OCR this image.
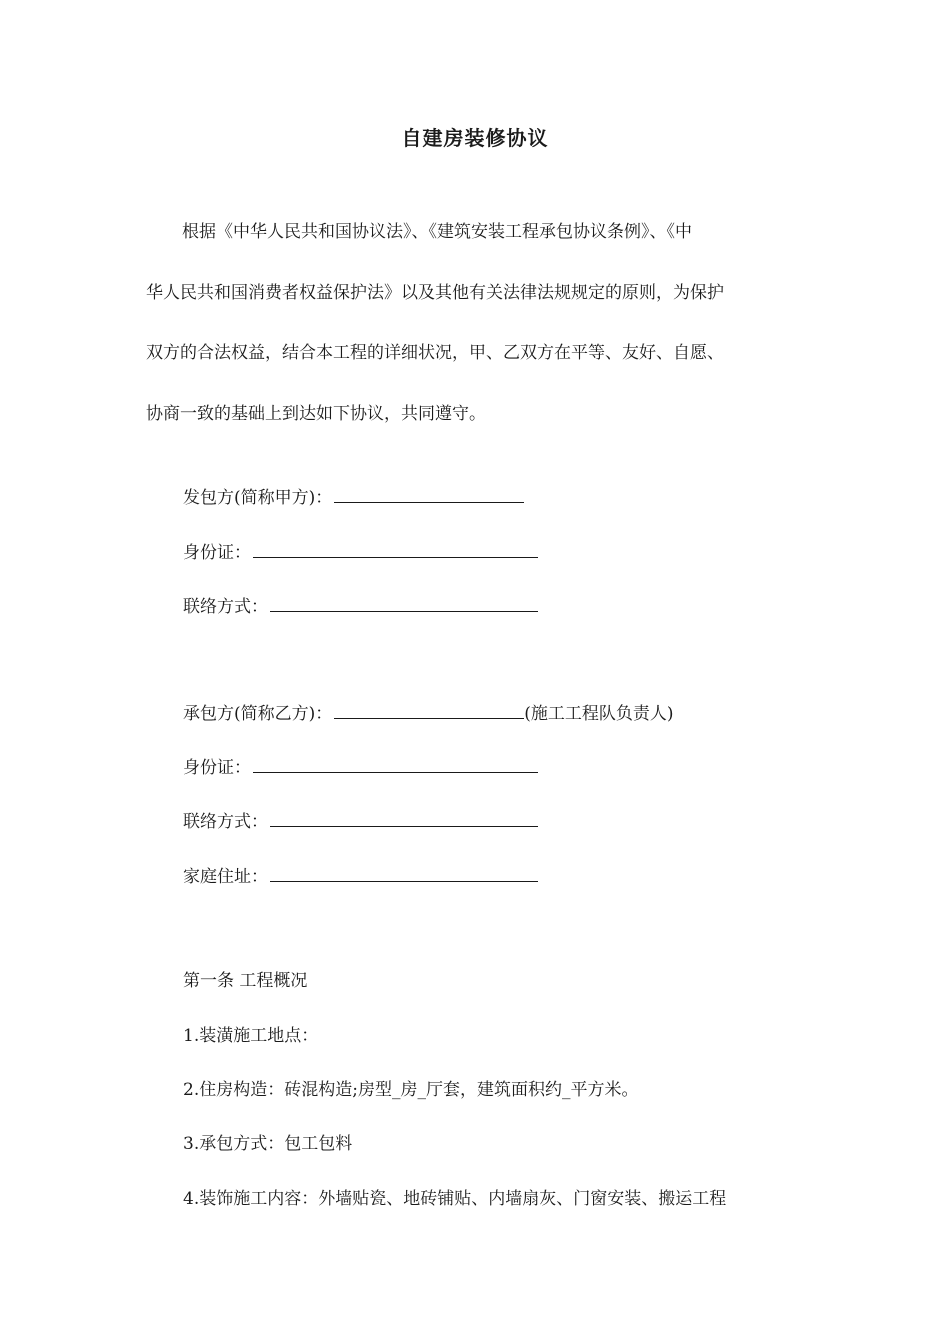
自建房装修协议

根据《中华人民共和国协议法》、《建筑安装工程承包协议条例》、《中
华人民共和国消费者权益保护法》以及其他有关法律法规规定的原则，为保护
双方的合法权益，结合本工程的详细状况，甲、乙双方在平等、友好、自愿、
协商一致的基础上到达如下协议，共同遵守。

发包方(简称甲方)：
身份证：
联络方式：
承包方(简称乙方)：	(施工工程队负责人)
身份证：
联络方式：
家庭住址：
第一条 工程概况
1.装潢施工地点：
2.住房构造：砖混构造;房型_房_厅套，建筑面积约_平方米。
3.承包方式：包工包料
4.装饰施工内容：外墙贴瓷、地砖铺贴、内墙扇灰、门窗安装、搬运工程
